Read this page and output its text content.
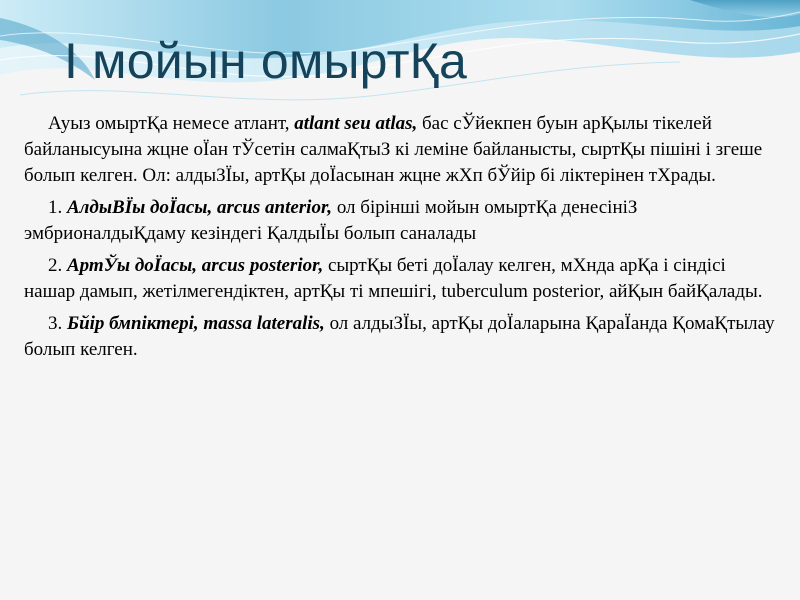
I мойын омыртҚа

Ауыз омыртҚа немесе атлант, atlant seu atlas, бас сЎйекпен буын арҚылы тікелей байланысуына жцне оЇан тЎсетін салмаҚтыЗ кі леміне байланысты, сыртҚы пішіні і згеше болып келген. Ол: алдыЗЇы, артҚы доЇасынан жцне жХп бЎйір бі ліктерінен тХрады.

1. АлдыВЇы доЇасы, arcus anterior, ол бірінші мойын омыртҚа денесініЗ эмбрионалдыҚдаму кезіндегі ҚалдыЇы болып саналады

2. АртЎы доЇасы, arcus posterior, сыртҚы беті доЇалау келген, мХнда арҚа і сіндісі нашар дамып, жетілмегендіктен, артҚы ті мпешігі, tuberculum posterior, айҚын байҚалады.

3. Бйiр бмпiктерi, massa lateralis, ол алдыЗЇы, артҚы доЇаларына ҚараЇанда ҚомаҚтылау болып келген.
